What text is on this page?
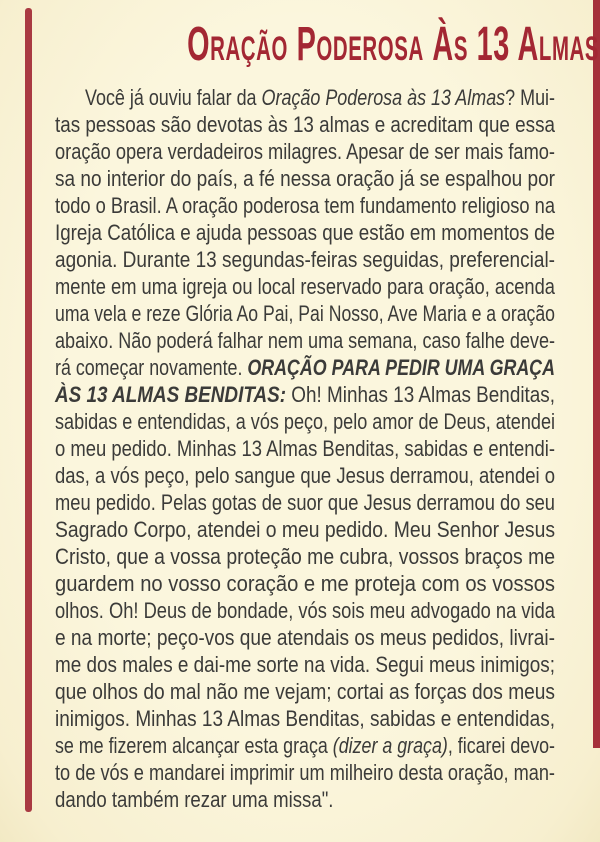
Oração Poderosa Às 13 Almas
Você já ouviu falar da Oração Poderosa às 13 Almas? Mui-
tas pessoas são devotas às 13 almas e acreditam que essa
oração opera verdadeiros milagres. Apesar de ser mais famo-
sa no interior do país, a fé nessa oração já se espalhou por
todo o Brasil. A oração poderosa tem fundamento religioso na
Igreja Católica e ajuda pessoas que estão em momentos de
agonia. Durante 13 segundas-feiras seguidas, preferencial-
mente em uma igreja ou local reservado para oração, acenda
uma vela e reze Glória Ao Pai, Pai Nosso, Ave Maria e a oração
abaixo. Não poderá falhar nem uma semana, caso falhe deve-
rá começar novamente. ORAÇÃO PARA PEDIR UMA GRAÇA
ÀS 13 ALMAS BENDITAS: Oh! Minhas 13 Almas Benditas,
sabidas e entendidas, a vós peço, pelo amor de Deus, atendei
o meu pedido. Minhas 13 Almas Benditas, sabidas e entendi-
das, a vós peço, pelo sangue que Jesus derramou, atendei o
meu pedido. Pelas gotas de suor que Jesus derramou do seu
Sagrado Corpo, atendei o meu pedido. Meu Senhor Jesus
Cristo, que a vossa proteção me cubra, vossos braços me
guardem no vosso coração e me proteja com os vossos
olhos. Oh! Deus de bondade, vós sois meu advogado na vida
e na morte; peço-vos que atendais os meus pedidos, livrai-
me dos males e dai-me sorte na vida. Segui meus inimigos;
que olhos do mal não me vejam; cortai as forças dos meus
inimigos. Minhas 13 Almas Benditas, sabidas e entendidas,
se me fizerem alcançar esta graça (dizer a graça), ficarei devo-
to de vós e mandarei imprimir um milheiro desta oração, man-
dando também rezar uma missa".
